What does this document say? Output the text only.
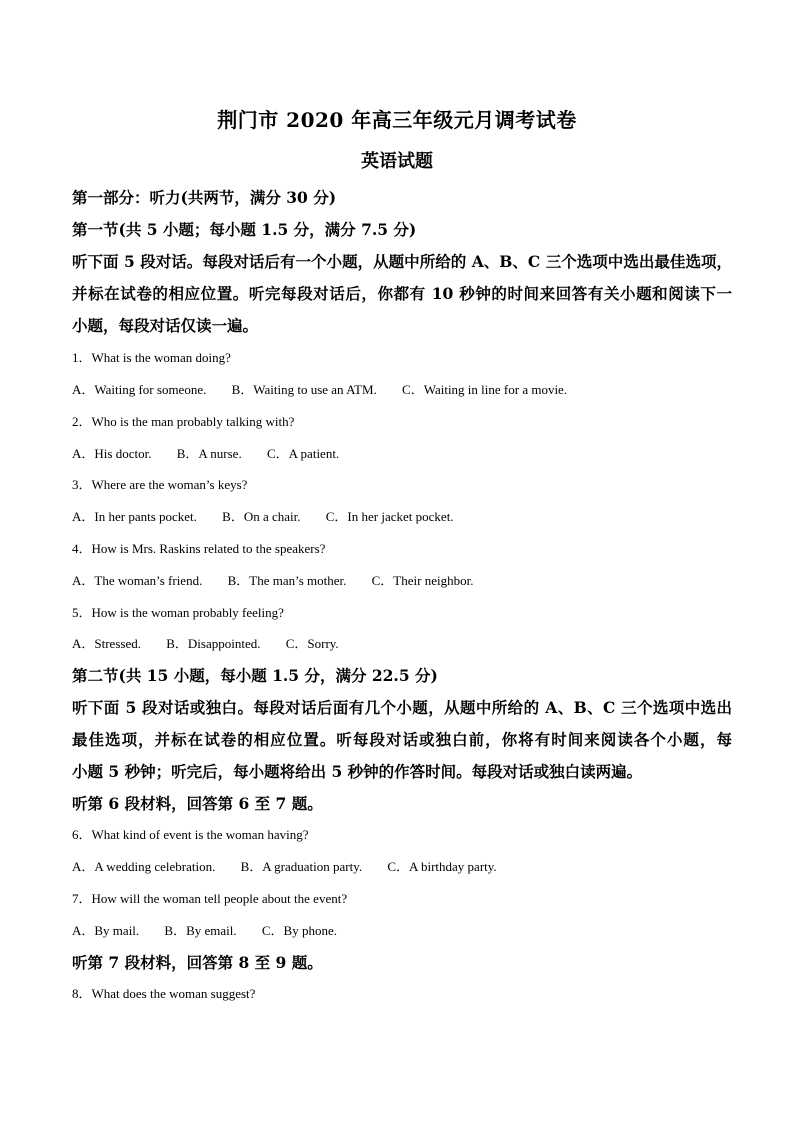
荆门市 2020 年高三年级元月调考试卷
英语试题
第一部分：听力(共两节，满分 30 分)
第一节(共 5 小题；每小题 1.5 分，满分 7.5 分)
听下面 5 段对话。每段对话后有一个小题，从题中所给的 A、B、C 三个选项中选出最佳选项，
并标在试卷的相应位置。听完每段对话后，你都有 10 秒钟的时间来回答有关小题和阅读下一
小题，每段对话仅读一遍。
1．What is the woman doing?
A．Waiting for someone. B．Waiting to use an ATM. C．Waiting in line for a movie.
2．Who is the man probably talking with?
A．His doctor. B．A nurse. C．A patient.
3．Where are the woman’s keys?
A．In her pants pocket. B．On a chair. C．In her jacket pocket.
4．How is Mrs. Raskins related to the speakers?
A．The woman’s friend. B．The man’s mother. C．Their neighbor.
5．How is the woman probably feeling?
A．Stressed. B．Disappointed. C．Sorry.
第二节(共 15 小题，每小题 1.5 分，满分 22.5 分)
听下面 5 段对话或独白。每段对话后面有几个小题，从题中所给的 A、B、C 三个选项中选出
最佳选项，并标在试卷的相应位置。听每段对话或独白前，你将有时间来阅读各个小题，每
小题 5 秒钟；听完后，每小题将给出 5 秒钟的作答时间。每段对话或独白读两遍。
听第 6 段材料，回答第 6 至 7 题。
6．What kind of event is the woman having?
A．A wedding celebration. B．A graduation party. C．A birthday party.
7．How will the woman tell people about the event?
A．By mail. B．By email. C．By phone.
听第 7 段材料，回答第 8 至 9 题。
8．What does the woman suggest?
